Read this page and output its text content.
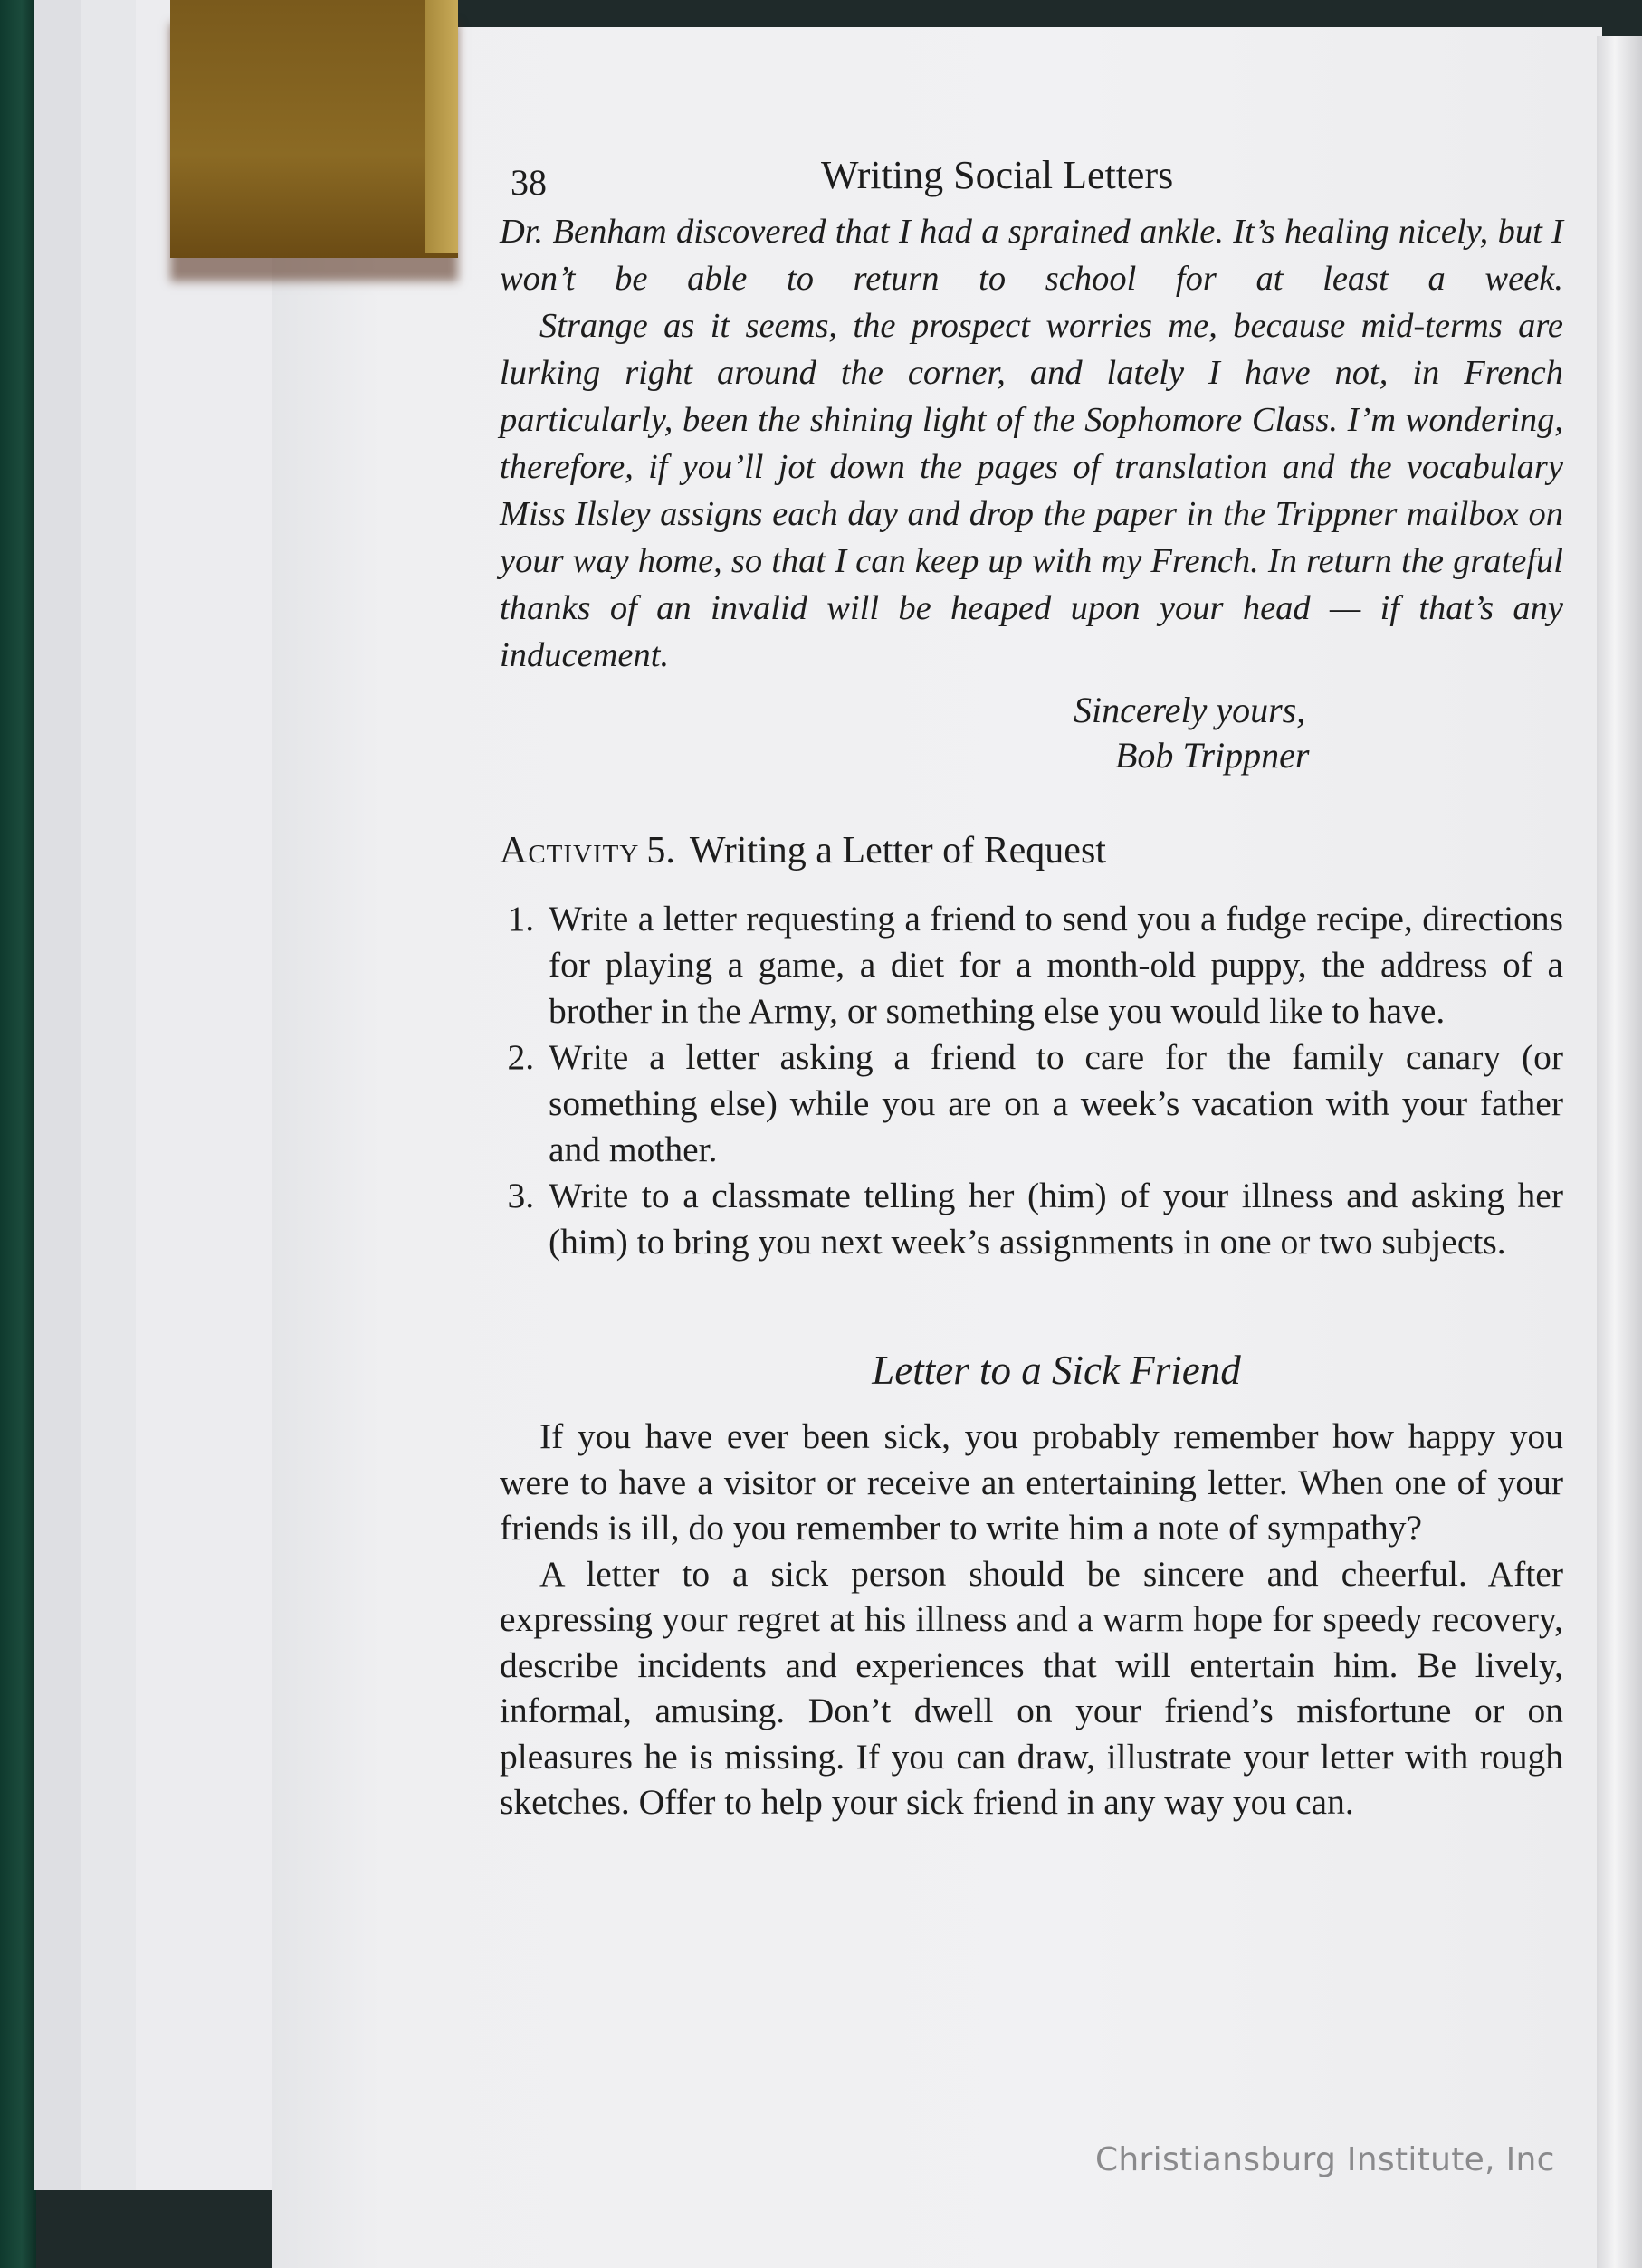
38	Writing Social Letters

Dr. Benham discovered that I had a sprained ankle. It’s healing nicely, but I won’t be able to return to school for at least a week.

Strange as it seems, the prospect worries me, because mid-terms are lurking right around the corner, and lately I have not, in French particularly, been the shining light of the Sophomore Class. I’m wondering, therefore, if you’ll jot down the pages of translation and the vocabulary Miss Ilsley assigns each day and drop the paper in the Trippner mailbox on your way home, so that I can keep up with my French. In return the grateful thanks of an invalid will be heaped upon your head — if that’s any inducement.

Sincerely yours,
Bob Trippner
Activity 5. Writing a Letter of Request
1. Write a letter requesting a friend to send you a fudge recipe, directions for playing a game, a diet for a month-old puppy, the address of a brother in the Army, or something else you would like to have.
2. Write a letter asking a friend to care for the family canary (or something else) while you are on a week’s vacation with your father and mother.
3. Write to a classmate telling her (him) of your illness and asking her (him) to bring you next week’s assignments in one or two subjects.
Letter to a Sick Friend

If you have ever been sick, you probably remember how happy you were to have a visitor or receive an entertaining letter. When one of your friends is ill, do you remember to write him a note of sympathy?

A letter to a sick person should be sincere and cheerful. After expressing your regret at his illness and a warm hope for speedy recovery, describe incidents and experiences that will entertain him. Be lively, informal, amusing. Don’t dwell on your friend’s misfortune or on pleasures he is missing. If you can draw, illustrate your letter with rough sketches. Offer to help your sick friend in any way you can.

Christiansburg Institute, Inc
